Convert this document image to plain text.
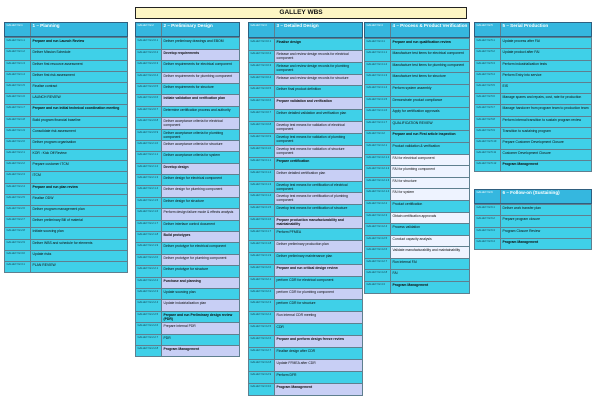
GALLEY WBS
GALLEY-V2-1	1 – Planning
GALLEY-V2-1.1	Prepare and run Launch Review
GALLEY-V2-1.2	Deliver Mission Schedule
GALLEY-V2-1.3	Deliver first resource assessment
GALLEY-V2-1.4	Deliver first risk assessment
GALLEY-V2-1.5	Finalise contract
GALLEY-V2-1.6	LAUNCH REVIEW
GALLEY-V2-1.7	Prepare and run initial technical coordination meeting
GALLEY-V2-1.8	Build program financial baseline
GALLEY-V2-1.9	Consolidate risk assessment
GALLEY-V2-2.0	Deliver program organisation
GALLEY-V2-2.1	KOR : Kick Off Review
GALLEY-V2-2.2	Prepare customer ITCM
GALLEY-V2-2.3	ITCM
GALLEY-V2-2.4	Prepare and run plan review
GALLEY-V2-2.5	Finalise ODW
GALLEY-V2-2.6	Deliver program management plan
GALLEY-V2-2.7	Deliver preliminary Bill of material
GALLEY-V2-2.8	Initiate sourcing plan
GALLEY-V2-2.9	Deliver WBS and schedule for elements
GALLEY-V2-3.0	Update risks
GALLEY-V2-3.1	PLAN REVIEW
GALLEY-V2-2	2 – Preliminary Design
GALLEY-V2-2.0.1	Deliver preliminary drawings and EBOM
GALLEY-V2-2.0.2	Develop requirements
GALLEY-V2-2.0.3	Deliver requirements for electrical component
GALLEY-V2-2.0.4	Deliver requirements for plumbing component
GALLEY-V2-2.0.5	Deliver requirements for structure
GALLEY-V2-2.0.6	Initiate validation and verification plan
GALLEY-V2-2.0.7	Determine certification process and authority
GALLEY-V2-2.0.8	Deliver acceptance criteria for electrical component
GALLEY-V2-2.0.9	Deliver acceptance criteria for plumbing component
GALLEY-V2-2.1.0	Deliver acceptance criteria for structure
GALLEY-V2-2.1.1	Deliver acceptance criteria for system
GALLEY-V2-2.1.2	Develop design
GALLEY-V2-2.1.3	Deliver design for electrical component
GALLEY-V2-2.1.4	Deliver design for plumbing component
GALLEY-V2-2.1.5	Deliver design for structure
GALLEY-V2-2.1.6	Perform design failure mode & effects analysis
GALLEY-V2-2.1.7	Deliver interface control document
GALLEY-V2-2.1.8	Build prototypes
GALLEY-V2-2.1.9	Deliver prototype for electrical component
GALLEY-V2-2.2.0	Deliver prototype for plumbing component
GALLEY-V2-2.2.1	Deliver prototype for structure
GALLEY-V2-2.2.2	Purchase and planning
GALLEY-V2-2.2.3	Update sourcing plan
GALLEY-V2-2.2.4	Update industrialization plan
GALLEY-V2-2.2.5	Prepare and run Preliminary design review (PDR)
GALLEY-V2-2.2.6	Prepare internal PDR
GALLEY-V2-2.2.7	PDR
GALLEY-V2-2.2.8	Program Management
GALLEY-V2-3	3 – Detailed Design
GALLEY-V2-3.0.1	Finalise design
GALLEY-V2-3.0.2	Release and review design records for electrical component
GALLEY-V2-3.0.3	Release and review design records for plumbing component
GALLEY-V2-3.0.4	Release and review design records for structure
GALLEY-V2-3.0.5	Deliver final product definition
GALLEY-V2-3.0.6	Prepare validation and verification
GALLEY-V2-3.0.7	Deliver detailed validation and verification plan
GALLEY-V2-3.0.8	Develop test means for validation of electrical component
GALLEY-V2-3.0.9	Develop test means for validation of plumbing component
GALLEY-V2-3.1.0	Develop test means for validation of structure component
GALLEY-V2-3.1.1	Prepare certification
GALLEY-V2-3.1.2	Deliver detailed certification plan
GALLEY-V2-3.1.3	Develop test means for certification of electrical component
GALLEY-V2-3.1.4	Develop test means for certification of plumbing component
GALLEY-V2-3.1.5	Develop test means for certification of structure
GALLEY-V2-3.1.6	Prepare production manufacturability and maintainability
GALLEY-V2-3.1.7	Perform PFMEA
GALLEY-V2-3.1.8	Deliver preliminary production plan
GALLEY-V2-3.1.9	Deliver preliminary maintenance plan
GALLEY-V2-3.2.0	Prepare and run critical design review
GALLEY-V2-3.2.1	perform CDR for electrical component
GALLEY-V2-3.2.2	perform CDR for plumbing component
GALLEY-V2-3.2.3	perform CDR for structure
GALLEY-V2-3.2.4	Run internal CDR meeting
GALLEY-V2-3.2.5	CDR
GALLEY-V2-3.2.6	Prepare and perform design freeze review
GALLEY-V2-3.2.7	Finalise design after CDR
GALLEY-V2-3.2.8	Update FFMEA after CDR
GALLEY-V2-3.2.9	Perform DFR
GALLEY-V2-3.3.0	Program Management
GALLEY-V2-4	4 – Process & Product Verification
GALLEY-V2-4.1	Prepare and run qualification review
GALLEY-V2-4.1.1	Manufacture test items for electrical component
GALLEY-V2-4.1.2	Manufacture test items for plumbing component
GALLEY-V2-4.1.3	Manufacture test items for structure
GALLEY-V2-4.1.4	Perform system assembly
GALLEY-V2-4.1.5	Demonstrate product compliance
GALLEY-V2-4.1.6	Apply for certification approvals
GALLEY-V2-4.1.7	QUALIFICATION REVIEW
GALLEY-V2-4.2	Prepare and run First article inspection
GALLEY-V2-4.2.1	Product validation & verification
GALLEY-V2-4.2.1.1 FAI for electrical component
GALLEY-V2-4.2.1.2 FAI for plumbing component
GALLEY-V2-4.2.1.3 FAI for structure
GALLEY-V2-4.2.1.4 FAI for system
GALLEY-V2-4.2.2	Product certification
GALLEY-V2-4.2.3	Obtain certification approvals
GALLEY-V2-4.2.4	Process validation
GALLEY-V2-4.2.5	Conduct capacity analysis
GALLEY-V2-4.2.6	Validate manufacturability and maintainability
GALLEY-V2-4.2.7	Run internal FAI
GALLEY-V2-4.2.8	FAI
GALLEY-V2-4.3	Program Management
GALLEY-V2-5	5 – Serial Production
GALLEY-V2-5.1	Update process after FAI
GALLEY-V2-5.2	Update product after FAI
GALLEY-V2-5.3	Perform industrialization tests
GALLEY-V2-5.4	Perform Entry into service
GALLEY-V2-5.5	EIS
GALLEY-V2-5.6	Manage spares and repairs, cost, rate for production
GALLEY-V2-5.7	Manage handover from program team to production team
GALLEY-V2-5.8	Perform internal transition to sustain program review
GALLEY-V2-5.9	Transition to sustaining program
GALLEY-V2-5.10	Prepare Customer Development Closure
GALLEY-V2-5.11	Customer Development Closure
GALLEY-V2-5.12	Program Management
GALLEY-V2-6	6 – Follow-on (Sustaining)
GALLEY-V2-6.1	Deliver work transfer plan
GALLEY-V2-6.2	Prepare program closure
GALLEY-V2-6.3	Program Closure Review
GALLEY-V2-6.4	Program Management
